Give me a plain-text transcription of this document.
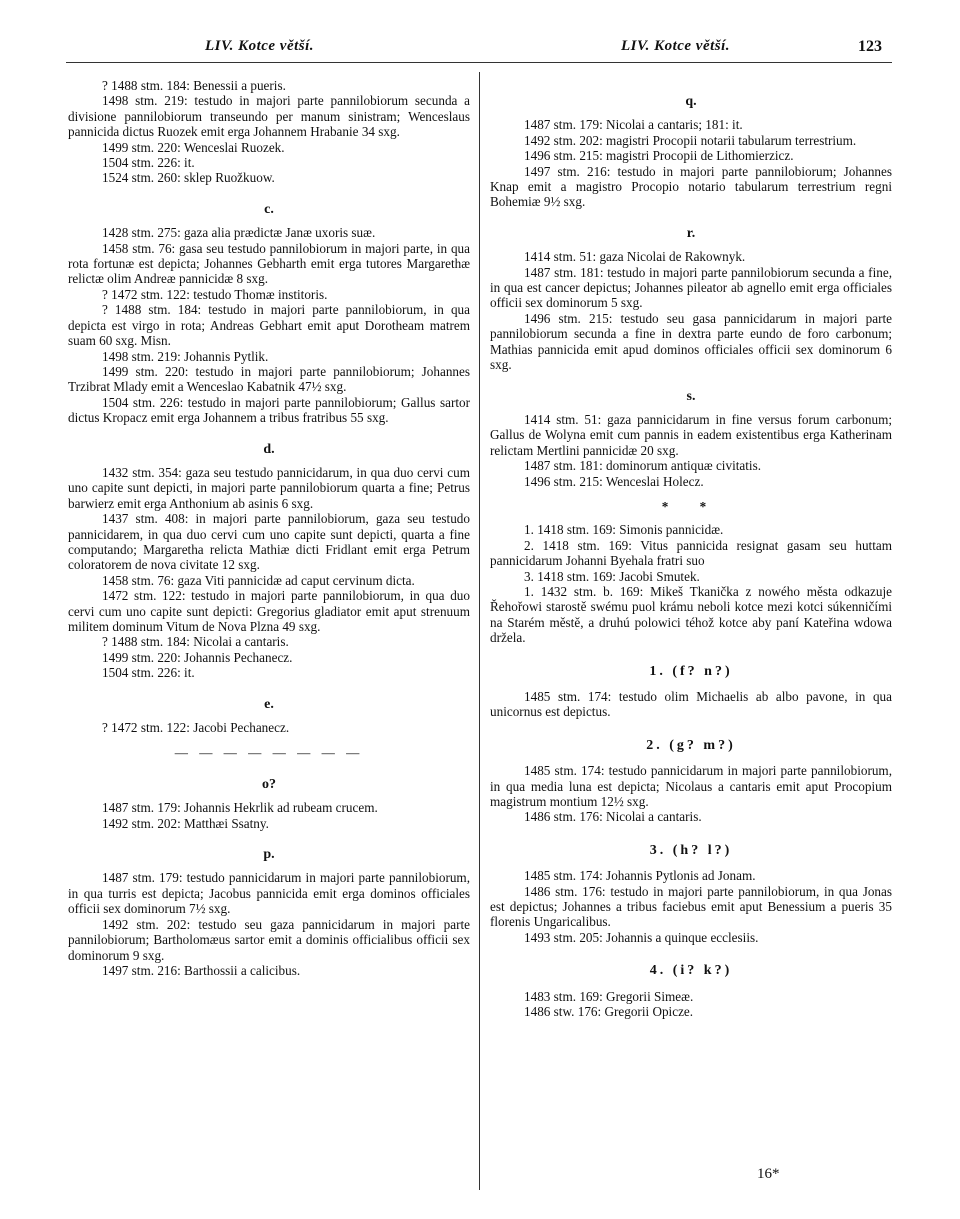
LIV. Kotce větší.	LIV. Kotce větší.	123
? 1488 stm. 184: Benessii a pueris.
1498 stm. 219: testudo in majori parte pannilobiorum secunda a divisione pannilobiorum transeundo per manum sinistram; Wenceslaus pannicida dictus Ruozek emit erga Johannem Hrabanie 34 sxg.
1499 stm. 220: Wenceslai Ruozek.
1504 stm. 226: it.
1524 stm. 260: sklep Ruožkuow.
c.
1428 stm. 275: gaza alia prædictæ Janæ uxoris suæ.
1458 stm. 76: gasa seu testudo pannilobiorum in majori parte, in qua rota fortunæ est depicta; Johannes Gebharth emit erga tutores Margarethæ relictæ olim Andreæ pannicidæ 8 sxg.
? 1472 stm. 122: testudo Thomæ institoris.
? 1488 stm. 184: testudo in majori parte pannilobiorum, in qua depicta est virgo in rota; Andreas Gebhart emit aput Dorotheam matrem suam 60 sxg. Misn.
1498 stm. 219: Johannis Pytlik.
1499 stm. 220: testudo in majori parte pannilobiorum; Johannes Trzibrat Mlady emit a Wenceslao Kabatnik 47½ sxg.
1504 stm. 226: testudo in majori parte pannilobiorum; Gallus sartor dictus Kropacz emit erga Johannem a tribus fratribus 55 sxg.
d.
1432 stm. 354: gaza seu testudo pannicidarum, in qua duo cervi cum uno capite sunt depicti, in majori parte pannilobiorum quarta a fine; Petrus barwierz emit erga Anthonium ab asinis 6 sxg.
1437 stm. 408: in majori parte pannilobiorum, gaza seu testudo pannicidarem, in qua duo cervi cum uno capite sunt depicti, quarta a fine computando; Margaretha relicta Mathiæ dicti Fridlant emit erga Petrum coloratorem de nova civitate 12 sxg.
1458 stm. 76: gaza Viti pannicidæ ad caput cervinum dicta.
1472 stm. 122: testudo in majori parte pannilobiorum, in qua duo cervi cum uno capite sunt depicti: Gregorius gladiator emit aput strenuum militem dominum Vitum de Nova Plzna 49 sxg.
? 1488 stm. 184: Nicolai a cantaris.
1499 stm. 220: Johannis Pechanecz.
1504 stm. 226: it.
e.
? 1472 stm. 122: Jacobi Pechanecz.
— — — — — — — —
o?
1487 stm. 179: Johannis Hekrlik ad rubeam crucem.
1492 stm. 202: Matthæi Ssatny.
p.
1487 stm. 179: testudo pannicidarum in majori parte pannilobiorum, in qua turris est depicta; Jacobus pannicida emit erga dominos officiales officii sex dominorum 7½ sxg.
1492 stm. 202: testudo seu gaza pannicidarum in majori parte pannilobiorum; Bartholomæus sartor emit a dominis officialibus officii sex dominorum 9 sxg.
1497 stm. 216: Barthossii a calicibus.
q.
1487 stm. 179: Nicolai a cantaris; 181: it.
1492 stm. 202: magistri Procopii notarii tabularum terrestrium.
1496 stm. 215: magistri Procopii de Lithomierzicz.
1497 stm. 216: testudo in majori parte pannilobiorum; Johannes Knap emit a magistro Procopio notario tabularum terrestrium regni Bohemiæ 9½ sxg.
r.
1414 stm. 51: gaza Nicolai de Rakownyk.
1487 stm. 181: testudo in majori parte pannilobiorum secunda a fine, in qua est cancer depictus; Johannes pileator ab agnello emit erga officiales officii sex dominorum 5 sxg.
1496 stm. 215: testudo seu gasa pannicidarum in majori parte pannilobiorum secunda a fine in dextra parte eundo de foro carbonum; Mathias pannicida emit apud dominos officiales officii sex dominorum 6 sxg.
s.
1414 stm. 51: gaza pannicidarum in fine versus forum carbonum; Gallus de Wolyna emit cum pannis in eadem existentibus erga Katherinam relictam Mertlini pannicidæ 20 sxg.
1487 stm. 181: dominorum antiquæ civitatis.
1496 stm. 215: Wenceslai Holecz.
* *
1. 1418 stm. 169: Simonis pannicidæ.
2. 1418 stm. 169: Vitus pannicida resignat gasam seu huttam pannicidarum Johanni Byehala fratri suo
3. 1418 stm. 169: Jacobi Smutek.
1. 1432 stm. b. 169: Mikeš Tkanička z nowého města odkazuje Řehořowi starostě swému puol krámu neboli kotce mezi kotci súkenničími na Starém městě, a druhú polowici téhož kotce aby paní Kateřina wdowa držela.
1. (f? n?)
1485 stm. 174: testudo olim Michaelis ab albo pavone, in qua unicornus est depictus.
2. (g? m?)
1485 stm. 174: testudo pannicidarum in majori parte pannilobiorum, in qua media luna est depicta; Nicolaus a cantaris emit aput Procopium magistrum montium 12½ sxg.
1486 stm. 176: Nicolai a cantaris.
3. (h? l?)
1485 stm. 174: Johannis Pytlonis ad Jonam.
1486 stm. 176: testudo in majori parte pannilobiorum, in qua Jonas est depictus; Johannes a tribus faciebus emit aput Benessium a pueris 35 florenis Ungaricalibus.
1493 stm. 205: Johannis a quinque ecclesiis.
4. (i? k?)
1483 stm. 169: Gregorii Simeæ.
1486 stw. 176: Gregorii Opicze.
16*
